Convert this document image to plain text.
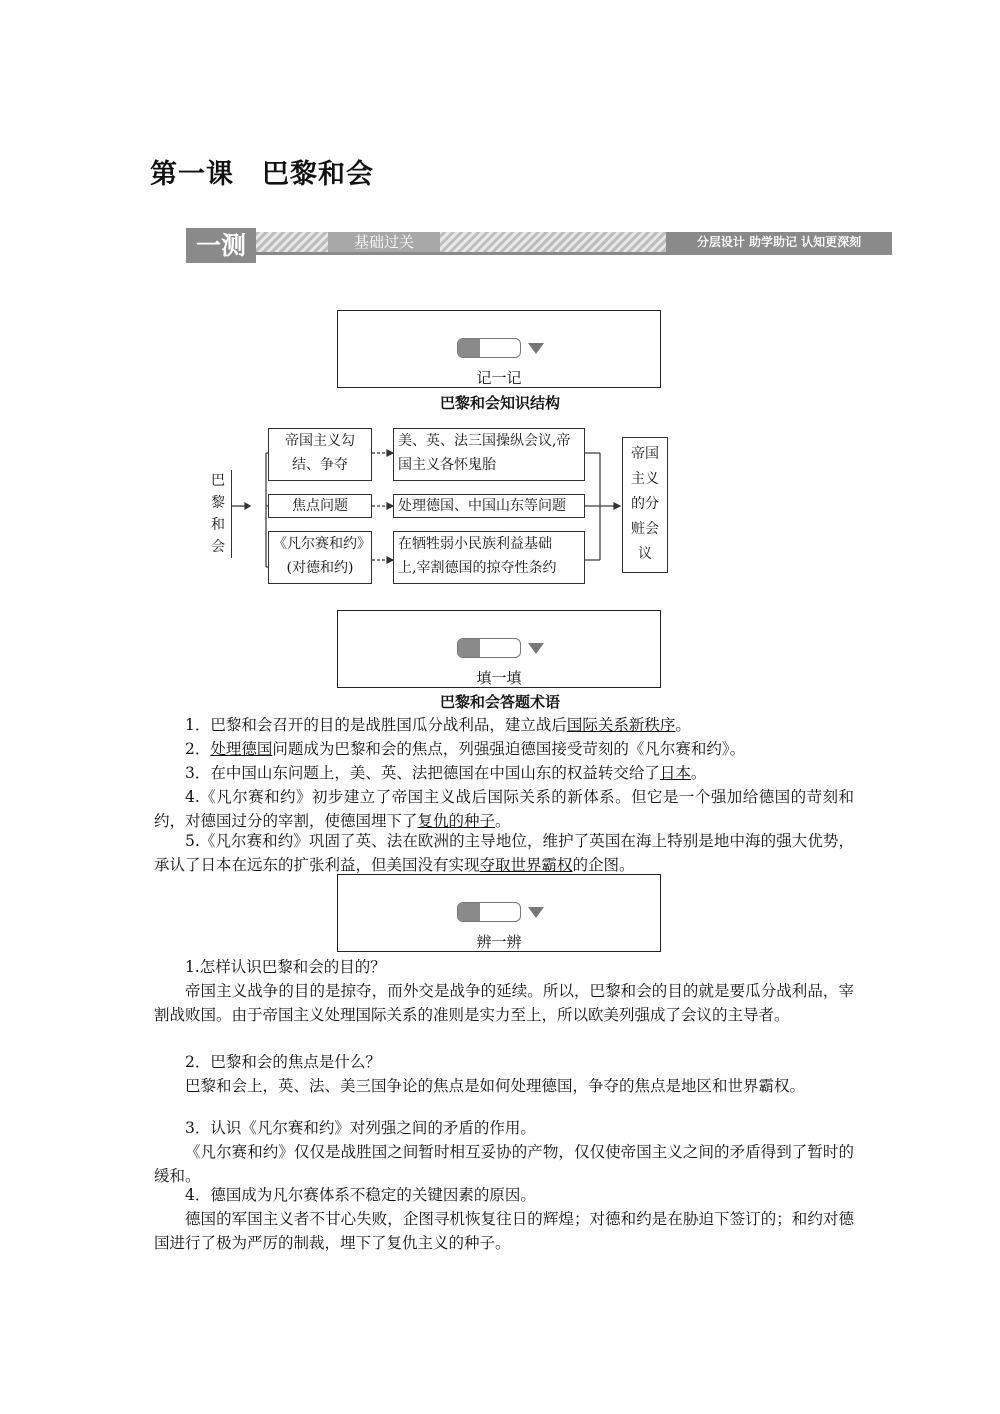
第一课　巴黎和会
一测	基础过关	分层设计 助学助记 认知更深刻
记一记
巴黎和会知识结构
巴黎和会
帝国主义勾
结、争夺
焦点问题
《凡尔赛和约》
(对德和约)
美、英、法三国操纵会议,帝
国主义各怀鬼胎
处理德国、中国山东等问题
在牺牲弱小民族利益基础
上,宰割德国的掠夺性条约
帝国
主义
的分
赃会
议
填一填
巴黎和会答题术语
1．巴黎和会召开的目的是战胜国瓜分战利品，建立战后国际关系新秩序。
2．处理德国问题成为巴黎和会的焦点，列强强迫德国接受苛刻的《凡尔赛和约》。
3．在中国山东问题上，美、英、法把德国在中国山东的权益转交给了日本。
4.《凡尔赛和约》初步建立了帝国主义战后国际关系的新体系。但它是一个强加给德国的苛刻和约，对德国过分的宰割，使德国埋下了复仇的种子。
5.《凡尔赛和约》巩固了英、法在欧洲的主导地位，维护了英国在海上特别是地中海的强大优势，承认了日本在远东的扩张利益，但美国没有实现夺取世界霸权的企图。
辨一辨
1.怎样认识巴黎和会的目的？
帝国主义战争的目的是掠夺，而外交是战争的延续。所以，巴黎和会的目的就是要瓜分战利品，宰割战败国。由于帝国主义处理国际关系的准则是实力至上，所以欧美列强成了会议的主导者。
2．巴黎和会的焦点是什么？
巴黎和会上，英、法、美三国争论的焦点是如何处理德国，争夺的焦点是地区和世界霸权。
3．认识《凡尔赛和约》对列强之间的矛盾的作用。
《凡尔赛和约》仅仅是战胜国之间暂时相互妥协的产物，仅仅使帝国主义之间的矛盾得到了暂时的缓和。
4．德国成为凡尔赛体系不稳定的关键因素的原因。
德国的军国主义者不甘心失败，企图寻机恢复往日的辉煌；对德和约是在胁迫下签订的；和约对德国进行了极为严厉的制裁，埋下了复仇主义的种子。
